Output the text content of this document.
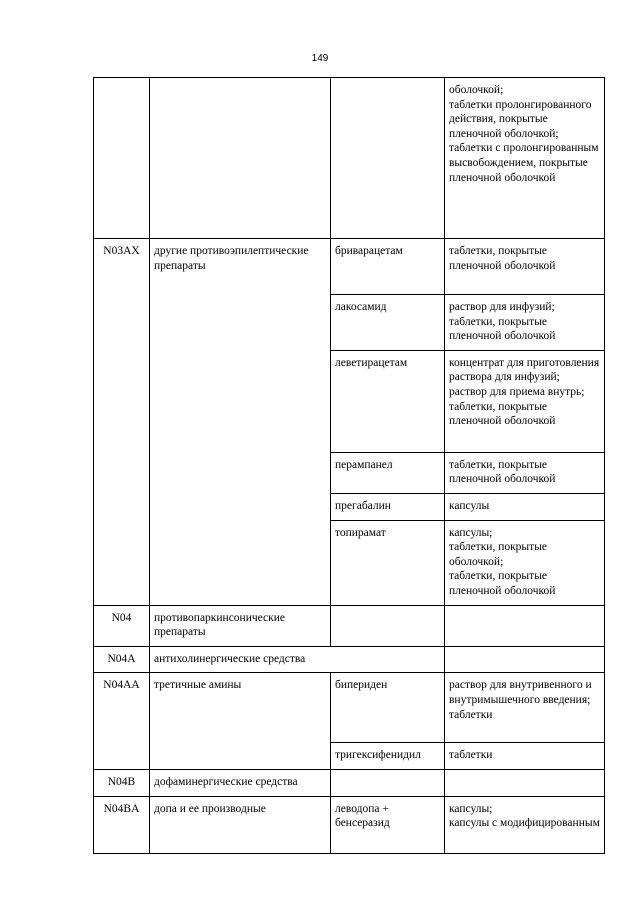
149
			оболочкой;
таблетки пролонгированного действия, покрытые пленочной оболочкой;
таблетки с пролонгированным высвобождением, покрытые пленочной оболочкой
N03AX	другие противоэпилептические препараты	бриварацетам	таблетки, покрытые пленочной оболочкой
		лакосамид	раствор для инфузий;
таблетки, покрытые пленочной оболочкой
		леветирацетам	концентрат для приготовления раствора для инфузий;
раствор для приема внутрь;
таблетки, покрытые пленочной оболочкой
		перампанел	таблетки, покрытые пленочной оболочкой
		прегабалин	капсулы
		топирамат	капсулы;
таблетки, покрытые оболочкой;
таблетки, покрытые пленочной оболочкой
N04	противопаркинсонические препараты		
N04A	антихолинергические средства		
N04AA	третичные амины	бипериден	раствор для внутривенного и внутримышечного введения;
таблетки
		тригексифенидил	таблетки
N04B	дофаминергические средства		
N04BA	допа и ее производные	леводопа + бенсеразид	капсулы;
капсулы с модифицированным
